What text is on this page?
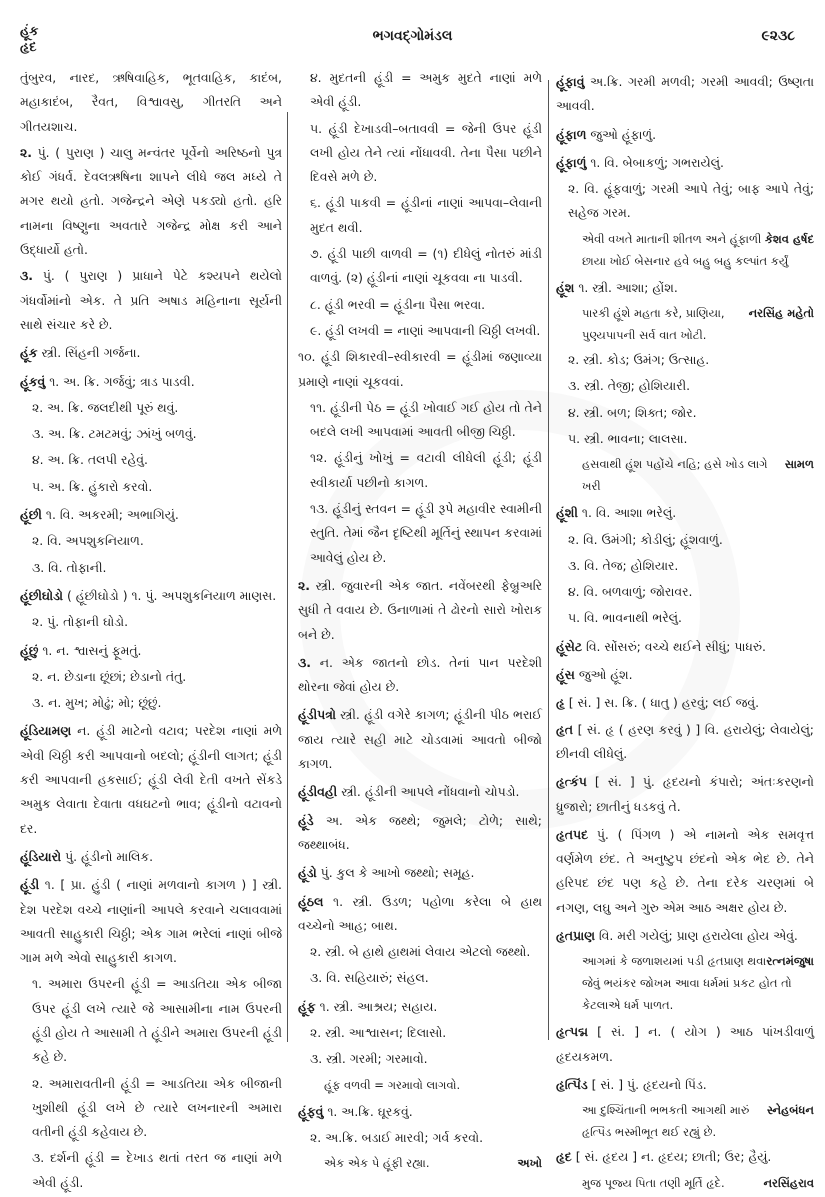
હૂંક
હૃદ
ભગવદ્ગોમંડલ	૯૨૩૮

તુંબુરવ, નારદ, ઋષિવાહિક, ભૂતવાહિક, કાદંબ, મહાકાદંબ, રૈવત, વિશ્વાવસુ, ગીતરતિ અને ગીતયશાચ.

૨. પું. ( પુરાણ ) ચાલુ મન્વંતર પૂર્વેનો અરિષ્ઠનો પુત્ર કોઈ ગંધર્વ. દેવલઋષિના શાપને લીધે જલ મધ્યે તે મગર થયો હતો. ગજેન્દ્રને એણે પકડ્યો હતો. હરિ નામના વિષ્ણુના અવતારે ગજેન્દ્ર મોક્ષ કરી આને ઉદ્ધાર્યો હતો.

૩. પું. ( પુરાણ ) પ્રાધાને પેટે કશ્યપને થયેલો ગંધર્વોમાંનો એક. તે પ્રતિ અષાડ મહિનાના સૂર્યની સાથે સંચાર કરે છે.

હૂંક સ્ત્રી. સિંહની ગર્જના.

હૂંકવું ૧. અ. ક્રિ. ગર્જવું; ત્રાડ પાડવી.

૨. અ. ક્રિ. જલદીથી પૂરું થવું.

૩. અ. ક્રિ. ટમટમવું; ઝાંખું બળવું.

૪. અ. ક્રિ. તલપી રહેવું.

૫. અ. ક્રિ. હુંકારો કરવો.

હૂંછી ૧. વિ. અકરમી; અભાગિયું.

૨. વિ. અપશુકનિયાળ.

૩. વિ. તોફાની.

હૂંછીઘોડો ( હૂંછીઘોડો ) ૧. પું. અપશુકનિયાળ માણસ.

૨. પું. તોફાની ઘોડો.

હૂંછું ૧. ન. શ્વાસનું ફૂમતું.

૨. ન. છેડાના છૂંછાં; છેડાનો તંતુ.

૩. ન. મુખ; મોઢું; મો; છૂંછું.

હૂંડિયામણ ન. હૂંડી માટેનો વટાવ; પરદેશ નાણાં મળે એવી ચિઠ્ઠી કરી આપવાનો બદલો; હૂંડીની લાગત; હૂંડી કરી આપવાની હકસાઈ; હૂંડી લેવી દેતી વખતે સેંકડે અમુક લેવાતા દેવાતા વધઘટનો ભાવ; હૂંડીનો વટાવનો દર.

હૂંડિયારો પું. હૂંડીનો માલિક.

હૂંડી ૧. [ પ્રા. હુંડી ( નાણાં મળવાનો કાગળ ) ] સ્ત્રી. દેશ પરદેશ વચ્ચે નાણાંની આપલે કરવાને ચલાવવામાં આવતી સાહુકારી ચિઠ્ઠી; એક ગામ ભરેલાં નાણાં બીજે ગામ મળે એવો સાહુકારી કાગળ.

૧. અમારા ઉપરની હૂંડી = આડતિયા એક બીજા ઉપર હૂંડી લખે ત્યારે જે આસામીના નામ ઉપરની હૂંડી હોય તે આસામી તે હૂંડીને અમારા ઉપરની હૂંડી કહે છે.

૨. અમારાવતીની હૂંડી = આડતિયા એક બીજાની ખુશીથી હૂંડી લખે છે ત્યારે લખનારની અમારા વતીની હૂંડી કહેવાય છે.

૩. દર્શની હૂંડી = દેખાડ થતાં તરત જ નાણાં મળે એવી હૂંડી.

૪. મુદતની હૂંડી = અમુક મુદતે નાણાં મળે એવી હૂંડી.

૫. હૂંડી દેખાડવી–બતાવવી = જેની ઉપર હૂંડી લખી હોય તેને ત્યાં નોંધાવવી. તેના પૈસા પછીને દિવસે મળે છે.

૬. હૂંડી પાકવી = હૂંડીનાં નાણાં આપવા–લેવાની મુદત થવી.

૭. હૂંડી પાછી વાળવી = (૧) દીધેલું નોતરું માંડી વાળવું. (૨) હૂંડીનાં નાણાં ચૂકવવા ના પાડવી.

૮. હૂંડી ભરવી = હૂંડીના પૈસા ભરવા.

૯. હૂંડી લખવી = નાણાં આપવાની ચિઠ્ઠી લખવી.

૧૦. હૂંડી શિકારવી–સ્વીકારવી = હૂંડીમાં જણાવ્યા પ્રમાણે નાણાં ચૂકવવાં.

૧૧. હૂંડીની પેઠ = હૂંડી ખોવાઈ ગઈ હોય તો તેને બદલે લખી આપવામાં આવતી બીજી ચિઠ્ઠી.

૧૨. હૂંડીનું ખોખું = વટાવી લીધેલી હૂંડી; હૂંડી સ્વીકાર્યા પછીનો કાગળ.

૧૩. હૂંડીનું સ્તવન = હૂંડી રૂપે મહાવીર સ્વામીની સ્તુતિ. તેમાં જૈન દૃષ્ટિથી મૂર્તિનું સ્થાપન કરવામાં આવેલું હોય છે.

૨. સ્ત્રી. જુવારની એક જાત. નવેંબરથી ફેબ્રુઅરિ સુધી તે વવાય છે. ઉનાળામાં તે ઢોરનો સારો ખોરાક બને છે.

૩. ન. એક જાતનો છોડ. તેનાં પાન પરદેશી થોરના જેવાં હોય છે.

હૂંડીપત્રો સ્ત્રી. હૂંડી વગેરે કાગળ; હૂંડીની પીઠ ભરાઈ જાય ત્યારે સહી માટે ચોડવામાં આવતો બીજો કાગળ.

હૂંડીવહી સ્ત્રી. હૂંડીની આપલે નોંધવાનો ચોપડો.

હૂંડે અ. એક જથ્થે; જુમલે; ટોળે; સાથે; જથ્થાબંધ.

હૂંડો પું. કુલ કે આખો જથ્થો; સમૂહ.

હૂંઠલ ૧. સ્ત્રી. ઉડળ; પહોળા કરેલા બે હાથ વચ્ચેનો આહ; બાથ.

૨. સ્ત્રી. બે હાથે હાથમાં લેવાય એટલો જથ્થો.

૩. વિ. સહિયારું; સંહલ.

હૂંફ ૧. સ્ત્રી. આશ્રય; સહાય.

૨. સ્ત્રી. આશ્વાસન; દિલાસો.

૩. સ્ત્રી. ગરમી; ગરમાવો.

હૂંફ વળવી = ગરમાવો લાગવો.

હૂંફવું ૧. અ.ક્રિ. ઘૂરકવું.

૨. અ.ક્રિ. બડાઈ મારવી; ગર્વ કરવો.

અખો
એક એક પે હૂંફી રહ્યા.

હૂંફાવું અ.ક્રિ. ગરમી મળવી; ગરમી આવવી; ઉષ્ણતા આવવી.

હૂંફાળ જુઓ હૂંફાળું.

હૂંફાળું ૧. વિ. બેબાકળું; ગભરાયેલું.

૨. વિ. હૂંફવાળું; ગરમી આપે તેવું; બાફ આપે તેવું; સહેજ ગરમ.

કેશવ હર્ષદ
એવી વખતે માતાની શીતળ અને હૂંફાળી છાયા ખોઈ બેસનાર હવે બહુ બહુ કલ્પાંત કર્યું

હૂંશ ૧. સ્ત્રી. આશા; હોંશ.

નરસિંહ મહેતો
પારકી હૂંશે મહતા કરે, પ્રાણિયા, પુણ્યપાપની સર્વ વાત ખોટી.

૨. સ્ત્રી. કોડ; ઉમંગ; ઉત્સાહ.

૩. સ્ત્રી. તેજી; હોશિયારી.

૪. સ્ત્રી. બળ; શિક્ત; જોર.

૫. સ્ત્રી. ભાવના; લાલસા.

સામળ
હસવાથી હૂંશ પહોંચે નહિ; હસે ખોડ લાગે ખરી

હૂંશી ૧. વિ. આશા ભરેલું.

૨. વિ. ઉમંગી; કોડીલું; હૂંશવાળું.

૩. વિ. તેજ; હોશિયાર.

૪. વિ. બળવાળું; જોરાવર.

૫. વિ. ભાવનાથી ભરેલું.

હૂંસેટ વિ. સોંસરું; વચ્ચે થઈને સીધું; પાધરું.

હૂંસ જુઓ હૂંશ.

હૃ [ સં. ] સ. ક્રિ. ( ધાતુ ) હરવું; લઈ જવું.

હૃત [ સં. હૃ ( હરણ કરવું ) ] વિ. હરાયેલું; લેવાયેલું; છીનવી લીધેલું.

હૃત્કંપ [ સં. ] પું. હૃદયનો કંપારો; અંતઃકરણનો ધ્રુજારો; છાતીનું ધડકવું તે.

હૃતપદ પું. ( પિંગળ ) એ નામનો એક સમવૃત્ત વર્ણમેળ છંદ. તે અનુષ્ટુપ છંદનો એક ભેદ છે. તેને હરિપદ છંદ પણ કહે છે. તેના દરેક ચરણમાં બે નગણ, લઘુ અને ગુરુ એમ આઠ અક્ષર હોય છે.

હૃતપ્રાણ વિ. મરી ગયેલું; પ્રાણ હરાયેલા હોય એવું.

રત્નમંજુષા
આગમાં કે જળાશયમાં પડી હૃતપ્રાણ થવા જેવું ભયંકર જોખમ આવા ધર્મમાં પ્રકટ હોત તો કેટલાએ ધર્મ પાળત.

હૃત્પદ્મ [ સં. ] ન. ( યોગ ) આઠ પાંખડીવાળું હૃદયકમળ.

હૃત્પિંડ [ સં. ] પું. હૃદયનો પિંડ.

સ્નેહબંધન
આ દુશ્ચિંતાની ભભકતી આગથી મારું હૃત્પિંડ ભસ્મીભૂત થઈ રહ્યું છે.

હૃદ [ સં. હૃદય ] ન. હૃદય; છાતી; ઉર; હૈયું.

નરસિંહરાવ
મુજ પૂજ્ય પિતા તણી મૂર્તિ હૃદે.
